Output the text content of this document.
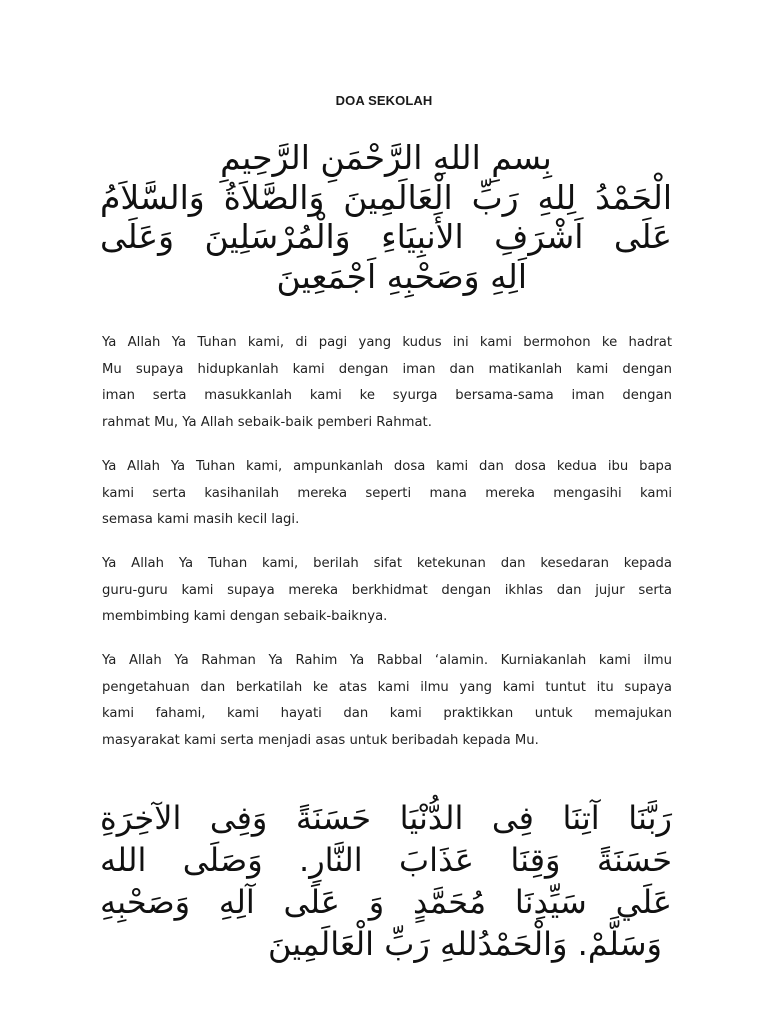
DOA SEKOLAH
بِسمِ اللهِ الرَّحْمَنِ الرَّحِيمِ
الْحَمْدُ لِلهِ رَبِّ الْعَالَمِينَ وَالصَّلاَةُ وَالسَّلاَمُ
عَلَى اَشْرَفِ الأَنبِيَاءِ وَالْمُرْسَلِينَ وَعَلَى
اَلِهِ وَصَحْبِهِ اَجْمَعِينَ
Ya Allah Ya Tuhan kami, di pagi yang kudus ini kami bermohon ke hadrat
Mu supaya hidupkanlah kami dengan iman dan matikanlah kami dengan
iman serta masukkanlah kami ke syurga bersama-sama iman dengan
rahmat Mu, Ya Allah sebaik-baik pemberi Rahmat.
Ya Allah Ya Tuhan kami, ampunkanlah dosa kami dan dosa kedua ibu bapa
kami serta kasihanilah mereka seperti mana mereka mengasihi kami
semasa kami masih kecil lagi.
Ya Allah Ya Tuhan kami, berilah sifat ketekunan dan kesedaran kepada
guru-guru kami supaya mereka berkhidmat dengan ikhlas dan jujur serta
membimbing kami dengan sebaik-baiknya.
Ya Allah Ya Rahman Ya Rahim Ya Rabbal ‘alamin. Kurniakanlah kami ilmu
pengetahuan dan berkatilah ke atas kami ilmu yang kami tuntut itu supaya
kami fahami, kami hayati dan kami praktikkan untuk memajukan
masyarakat kami serta menjadi asas untuk beribadah kepada Mu.
رَبَّنَا آتِنَا فِى الدُّنْيَا حَسَنَةً وَفِى الآخِرَةِ
حَسَنَةً وَقِنَا عَذَابَ النَّارِ. وَصَلَى الله
عَلَي سَيِّدِنَا مُحَمَّدٍ وَ عَلَى آلِهِ وَصَحْبِهِ
وَسَلَّمْ. وَالْحَمْدُللهِ رَبِّ الْعَالَمِينَ
